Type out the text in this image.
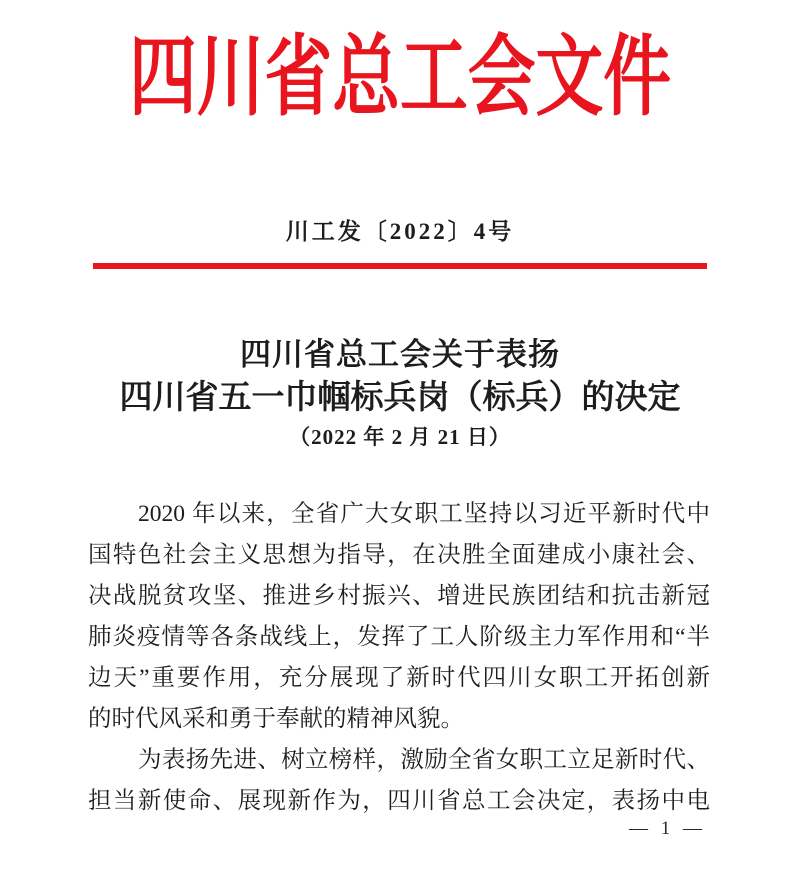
四川省总工会文件
川工发〔2022〕4号
四川省总工会关于表扬
四川省五一巾帼标兵岗（标兵）的决定
（2022 年 2 月 21 日）
2020 年以来，全省广大女职工坚持以习近平新时代中
国特色社会主义思想为指导，在决胜全面建成小康社会、
决战脱贫攻坚、推进乡村振兴、增进民族团结和抗击新冠
肺炎疫情等各条战线上，发挥了工人阶级主力军作用和“半
边天”重要作用，充分展现了新时代四川女职工开拓创新
的时代风采和勇于奉献的精神风貌。
为表扬先进、树立榜样，激励全省女职工立足新时代、
担当新使命、展现新作为，四川省总工会决定，表扬中电
— 1 —
